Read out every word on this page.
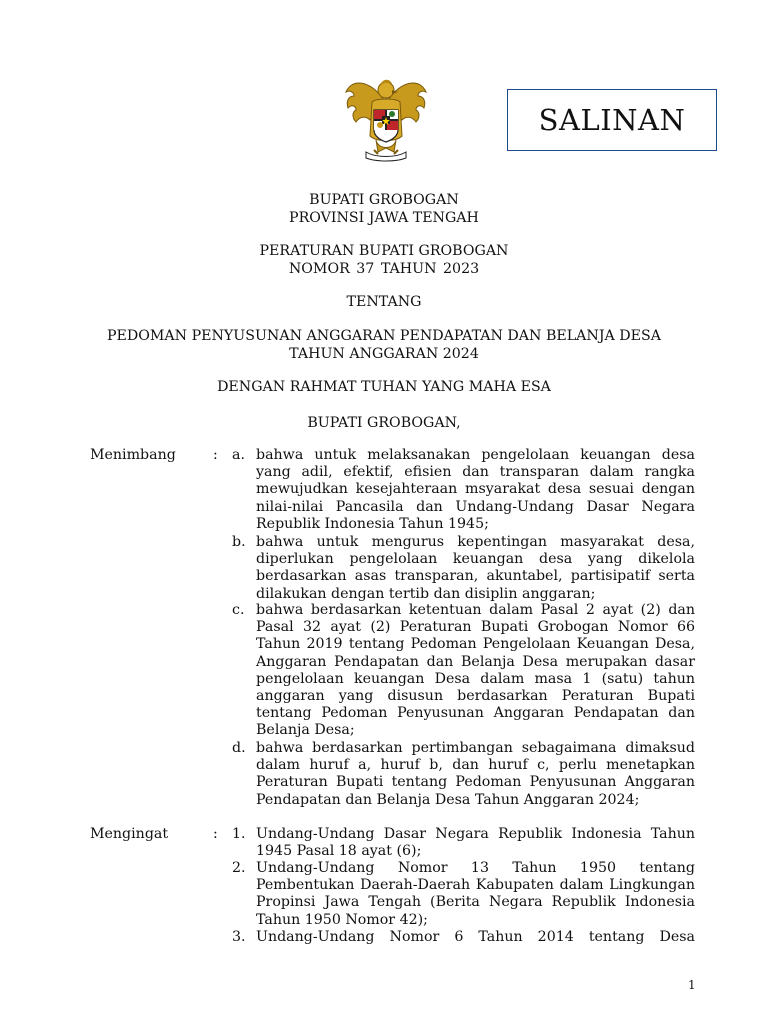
SALINAN
BUPATI GROBOGAN
PROVINSI JAWA TENGAH
PERATURAN BUPATI GROBOGAN
NOMOR 37 TAHUN 2023
TENTANG
PEDOMAN PENYUSUNAN ANGGARAN PENDAPATAN DAN BELANJA DESA
TAHUN ANGGARAN 2024
DENGAN RAHMAT TUHAN YANG MAHA ESA
BUPATI GROBOGAN,
Menimbang	: a. bahwa untuk melaksanakan pengelolaan keuangan desa yang adil, efektif, efisien dan transparan dalam rangka mewujudkan kesejahteraan msyarakat desa sesuai dengan nilai-nilai Pancasila dan Undang-Undang Dasar Negara Republik Indonesia Tahun 1945;
b. bahwa untuk mengurus kepentingan masyarakat desa, diperlukan pengelolaan keuangan desa yang dikelola berdasarkan asas transparan, akuntabel, partisipatif serta dilakukan dengan tertib dan disiplin anggaran;
c. bahwa berdasarkan ketentuan dalam Pasal 2 ayat (2) dan Pasal 32 ayat (2) Peraturan Bupati Grobogan Nomor 66 Tahun 2019 tentang Pedoman Pengelolaan Keuangan Desa, Anggaran Pendapatan dan Belanja Desa merupakan dasar pengelolaan keuangan Desa dalam masa 1 (satu) tahun anggaran yang disusun berdasarkan Peraturan Bupati tentang Pedoman Penyusunan Anggaran Pendapatan dan Belanja Desa;
d. bahwa berdasarkan pertimbangan sebagaimana dimaksud dalam huruf a, huruf b, dan huruf c, perlu menetapkan Peraturan Bupati tentang Pedoman Penyusunan Anggaran Pendapatan dan Belanja Desa Tahun Anggaran 2024;
Mengingat	: 1. Undang-Undang Dasar Negara Republik Indonesia Tahun 1945 Pasal 18 ayat (6);
2. Undang-Undang Nomor 13 Tahun 1950 tentang Pembentukan Daerah-Daerah Kabupaten dalam Lingkungan Propinsi Jawa Tengah (Berita Negara Republik Indonesia Tahun 1950 Nomor 42);
3. Undang-Undang Nomor 6 Tahun 2014 tentang Desa
1
